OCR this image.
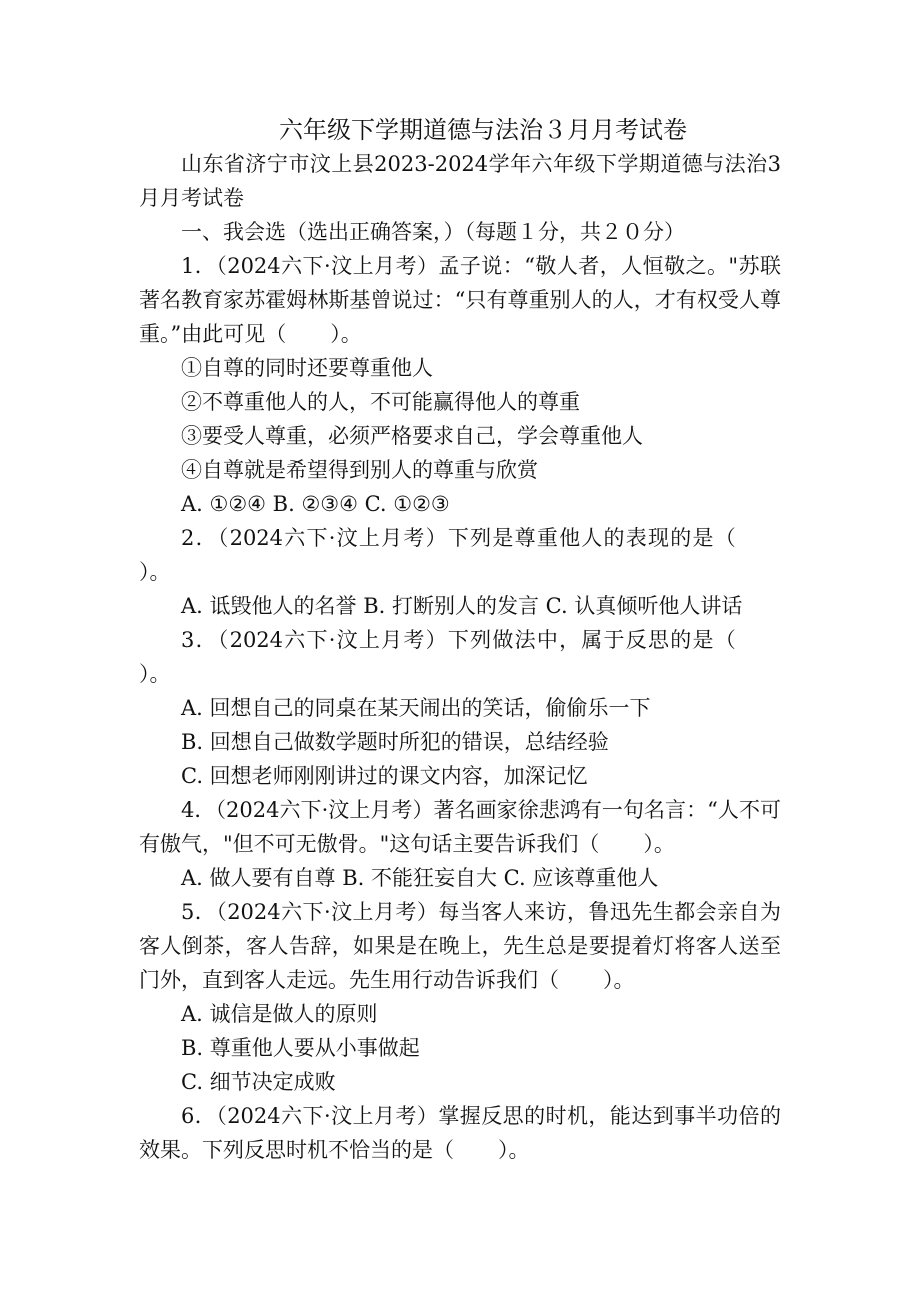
六年级下学期道德与法治３月月考试卷

山东省济宁市汶上县2023-2024学年六年级下学期道德与法治3月月考试卷

一、我会选（选出正确答案，）（每题１分，共２０分）

1．（2024六下·汶上月考）孟子说：“敬人者，人恒敬之。"苏联著名教育家苏霍姆林斯基曾说过：“只有尊重别人的人，才有权受人尊重。”由此可见（ ）。

①自尊的同时还要尊重他人

②不尊重他人的人，不可能赢得他人的尊重

③要受人尊重，必须严格要求自己，学会尊重他人

④自尊就是希望得到别人的尊重与欣赏

A. ①②④ B. ②③④ C. ①②③

2．（2024六下·汶上月考）下列是尊重他人的表现的是（）。

A. 诋毁他人的名誉 B. 打断别人的发言 C. 认真倾听他人讲话

3．（2024六下·汶上月考）下列做法中，属于反思的是（）。

A. 回想自己的同桌在某天闹出的笑话，偷偷乐一下

B. 回想自己做数学题时所犯的错误，总结经验

C. 回想老师刚刚讲过的课文内容，加深记忆

4．（2024六下·汶上月考）著名画家徐悲鸿有一句名言：“人不可有傲气，"但不可无傲骨。"这句话主要告诉我们（ ）。

A. 做人要有自尊 B. 不能狂妄自大 C. 应该尊重他人

5．（2024六下·汶上月考）每当客人来访，鲁迅先生都会亲自为客人倒茶，客人告辞，如果是在晚上，先生总是要提着灯将客人送至门外，直到客人走远。先生用行动告诉我们（ ）。

A. 诚信是做人的原则

B. 尊重他人要从小事做起

C. 细节决定成败

6．（2024六下·汶上月考）掌握反思的时机，能达到事半功倍的效果。下列反思时机不恰当的是（ ）。
